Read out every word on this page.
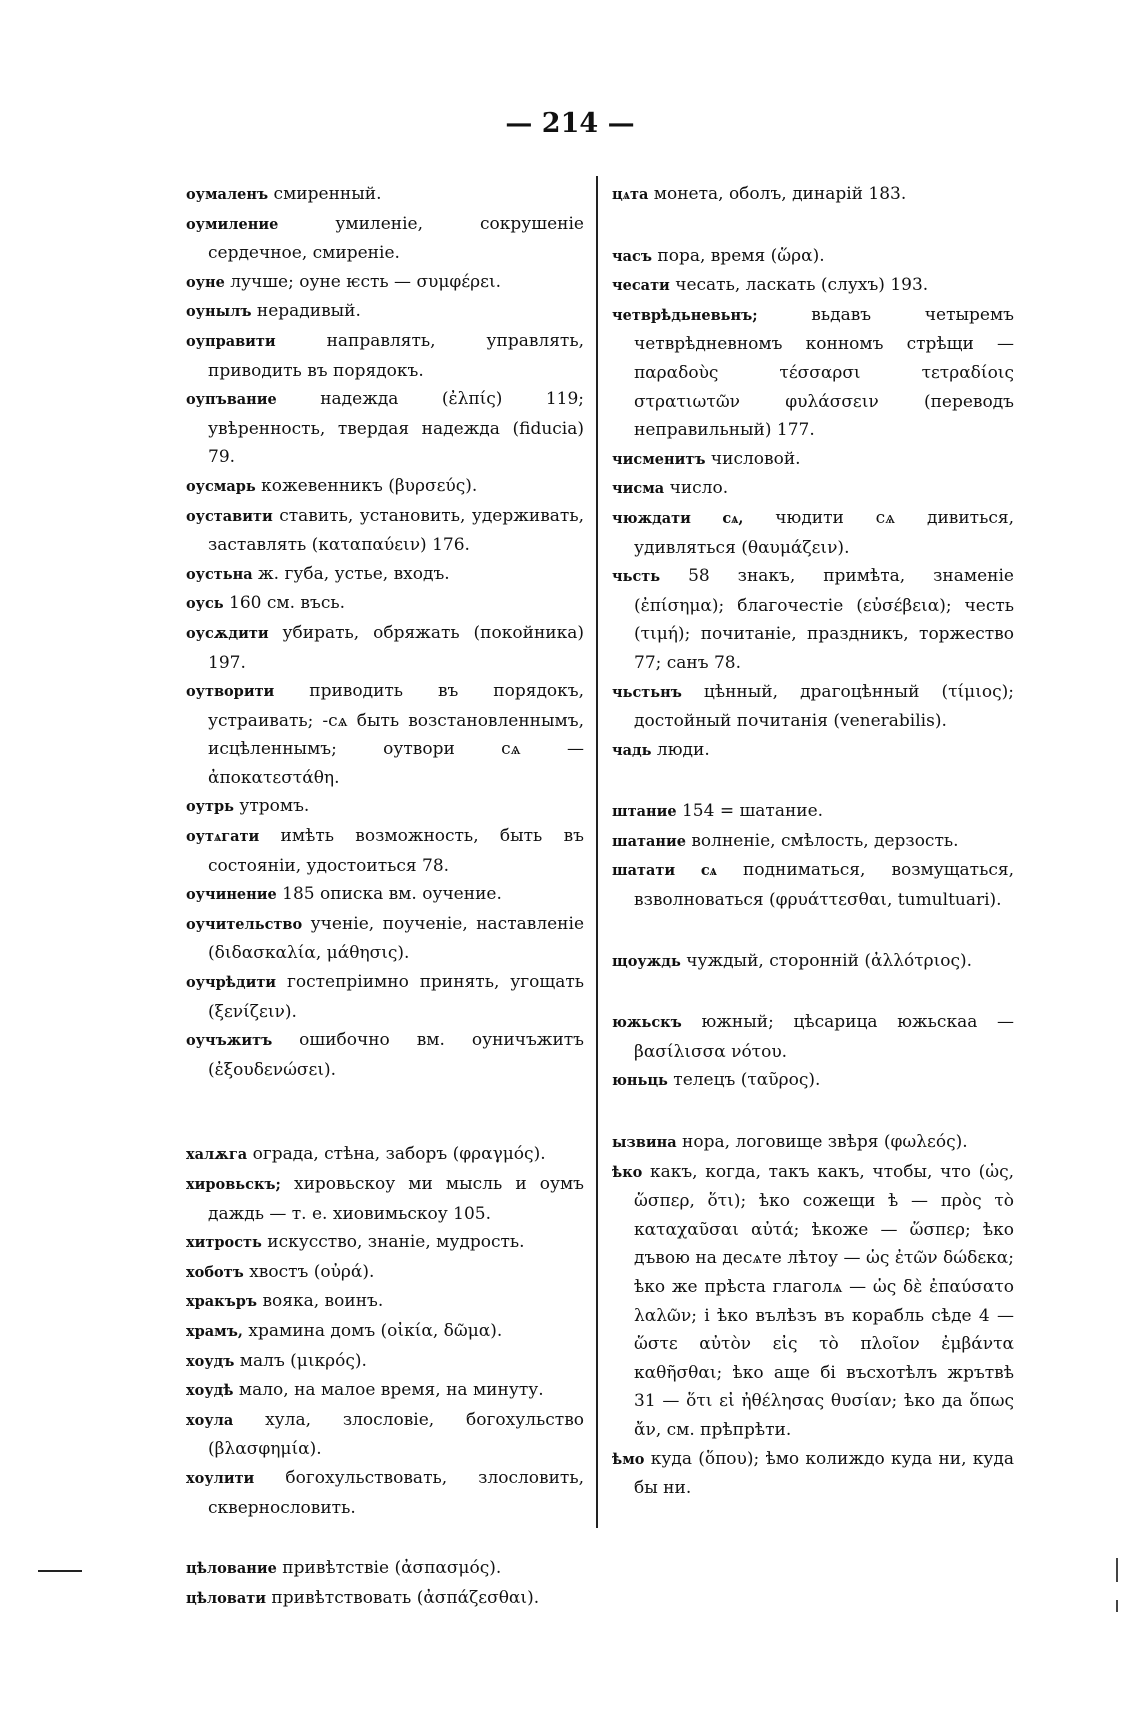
— 214 —

оумаленъ смиренный.

оумиление	умиленіе, сокрушеніе сердечное, смиреніе.

оуне лучше; оуне ѥсть — συμφέρει.

оунылъ нерадивый.

оуправити	направлять, управлять, приводить въ порядокъ.

оупъвание	надежда (ἐλπίς) 119; увѣренность, твердая надежда (fiducia) 79.

оусмарь кожевенникъ (βυρσεύς).

оуставити ставить, установить, удерживать, заставлять (καταπαύειν) 176.

оустьна ж. губа, устье, входъ.

оусь 160 см. въсь.

оусѫдити убирать, обряжать (покойника) 197.

оутворити приводить въ порядокъ, устраивать; -сѧ быть возстановленнымъ, исцѣленнымъ; оутвори сѧ — ἀποκατεστάθη.

оутрь утромъ.

оутѧгати имѣть возможность, быть въ состояніи, удостоиться 78.

оучинение 185 описка вм. оучение.

оучительство ученіе, поученіе, наставленіе (διδασκαλία, μάθησις).

оучрѣдити гостепріимно принять, угощать (ξενίζειν).

оучъжитъ ошибочно вм. оуничъжитъ (ἐξουδενώσει).

халѫга ограда, стѣна, заборъ (φραγμός).

хировьскъ; хировьскоу ми мысль и оумъ даждь — т. е. хиовимьскоу 105.

хитрость искусство, знаніе, мудрость.

хоботъ хвостъ (οὐρά).

хракъръ вояка, воинъ.

храмъ, храмина домъ (οἰκία, δῶμα).

хоудъ малъ (μικρός).

хоудѣ мало, на малое время, на минуту.

хоула хула, злословіе, богохульство (βλασφημία).

хоулити богохульствовать, злословить, сквернословить.

цѣлование привѣтствіе (ἀσπασμός).

цѣловати привѣтствовать (ἀσπάζεσθαι).

цѧта монета, оболъ, динарій 183.

часъ пора, время (ὥρα).

чесати чесать, ласкать (слухъ) 193.

четврѣдьневьнъ;	вьдавъ четыремъ четврѣдневномъ конномъ стрѣщи — παραδοὺς τέσσαρσι τετραδίοις στρατιωτῶν φυλάσσειν (переводъ неправильный) 177.

чисменитъ числовой.

чисма число.

чюждати сѧ, чюдити сѧ дивиться, удивляться (θαυμάζειν).

чьсть 58 знакъ, примѣта, знаменіе (ἐπίσημα); благочестіе (εὐσέβεια); честь (τιμή); почитаніе, праздникъ, торжество 77; санъ 78.

чьстьнъ цѣнный, драгоцѣнный (τίμιος); достойный почитанія (venerabilis).

чадь люди.

штание 154 = шатание.

шатание волненіе, смѣлость, дерзость.

шатати сѧ подниматься, возмущаться, взволноваться (φρυάττεσθαι, tumultuari).

щоуждь чуждый, сторонній (ἀλλότριος).

южьскъ южный; цѣсарица южьскаа — βασίλισσα νότου.

юньць телецъ (ταῦρος).

ызвина нора, логовище звѣря (φωλεός).

ѣко какъ, когда, такъ какъ, чтобы, что (ὡς, ὥσπερ, ὅτι); ѣко сожещи ѣ — πρὸς τὸ καταχαῦσαι αὐτά; ѣкоже — ὥσπερ; ѣко дъвою на десѧте лѣтоу — ὡς ἐτῶν δώδεκα; ѣко же прѣста глаголѧ — ὡς δὲ ἐπαύσατο λαλῶν; і ѣко вълѣзъ въ корабль сѣде 4 — ὥστε αὐτὸν εἰς τὸ πλοῖον ἐμβάντα καθῆσθαι; ѣко аще бі въсхотѣлъ жрътвѣ 31 — ὅτι εἰ ἠθέλησας θυσίαν; ѣко да ὅπως ἄν, см. прѣпрѣти.

ѣмо куда (ὅπου); ѣмо колиждо куда ни, куда бы ни.
